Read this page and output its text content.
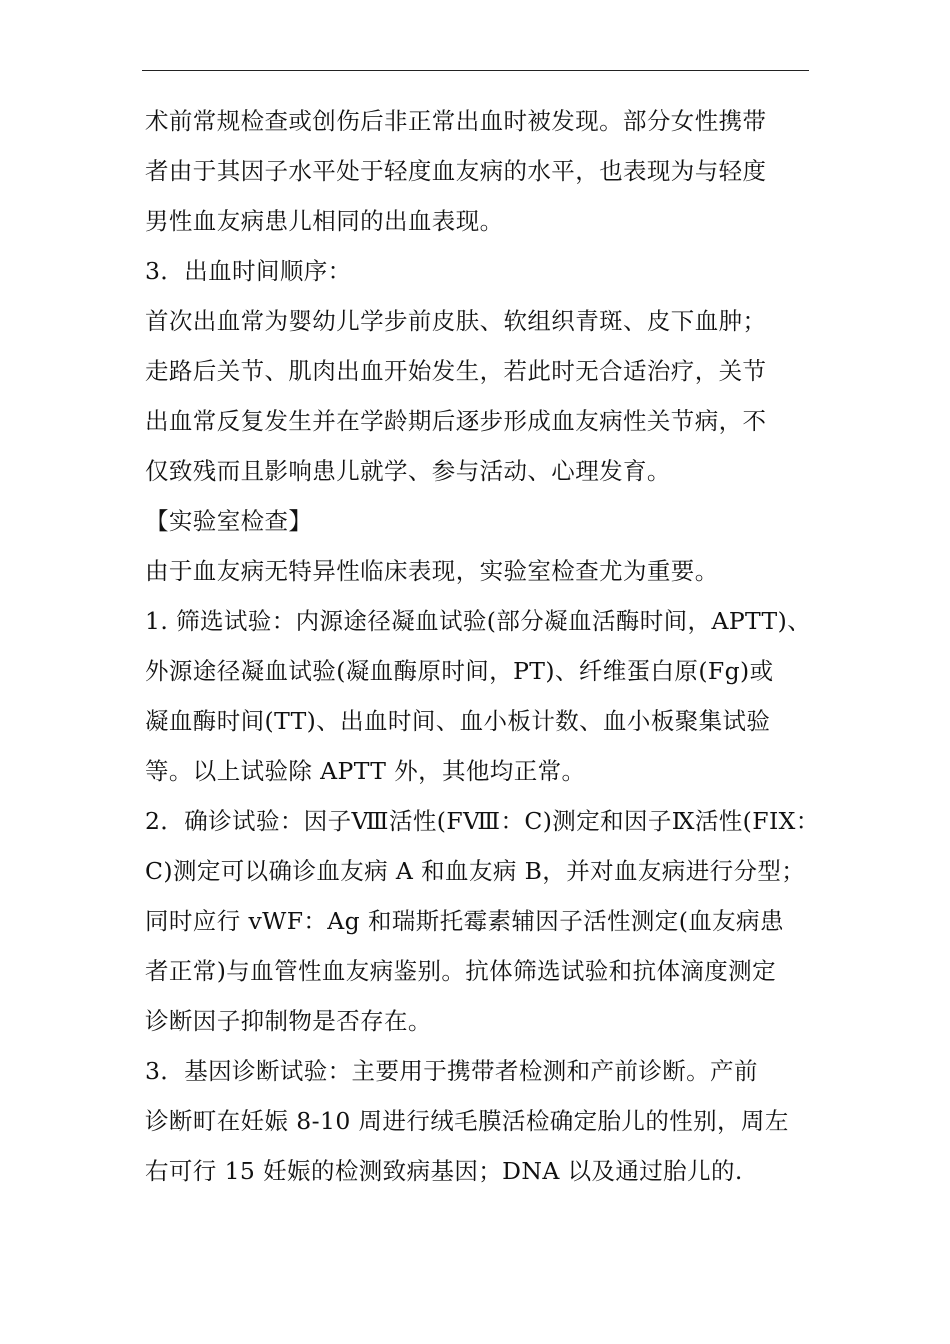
术前常规检查或创伤后非正常出血时被发现。部分女性携带
者由于其因子水平处于轻度血友病的水平，也表现为与轻度
男性血友病患儿相同的出血表现。
3．出血时间顺序：
首次出血常为婴幼儿学步前皮肤、软组织青斑、皮下血肿；
走路后关节、肌肉出血开始发生，若此时无合适治疗，关节
出血常反复发生并在学龄期后逐步形成血友病性关节病，不
仅致残而且影响患儿就学、参与活动、心理发育。
【实验室检查】
由于血友病无特异性临床表现，实验室检查尤为重要。
1. 筛选试验：内源途径凝血试验(部分凝血活酶时间，APTT)、
外源途径凝血试验(凝血酶原时间，PT)、纤维蛋白原(Fg)或
凝血酶时间(TT)、出血时间、血小板计数、血小板聚集试验
等。以上试验除 APTT 外，其他均正常。
2．确诊试验：因子Ⅷ活性(FⅧ：C)测定和因子Ⅸ活性(FIX：
C)测定可以确诊血友病 A 和血友病 B，并对血友病进行分型；
同时应行 vWF：Ag 和瑞斯托霉素辅因子活性测定(血友病患
者正常)与血管性血友病鉴别。抗体筛选试验和抗体滴度测定
诊断因子抑制物是否存在。
3．基因诊断试验：主要用于携带者检测和产前诊断。产前
诊断町在妊娠 8-10 周进行绒毛膜活检确定胎儿的性别，周左
右可行 15 妊娠的检测致病基因；DNA 以及通过胎儿的.
